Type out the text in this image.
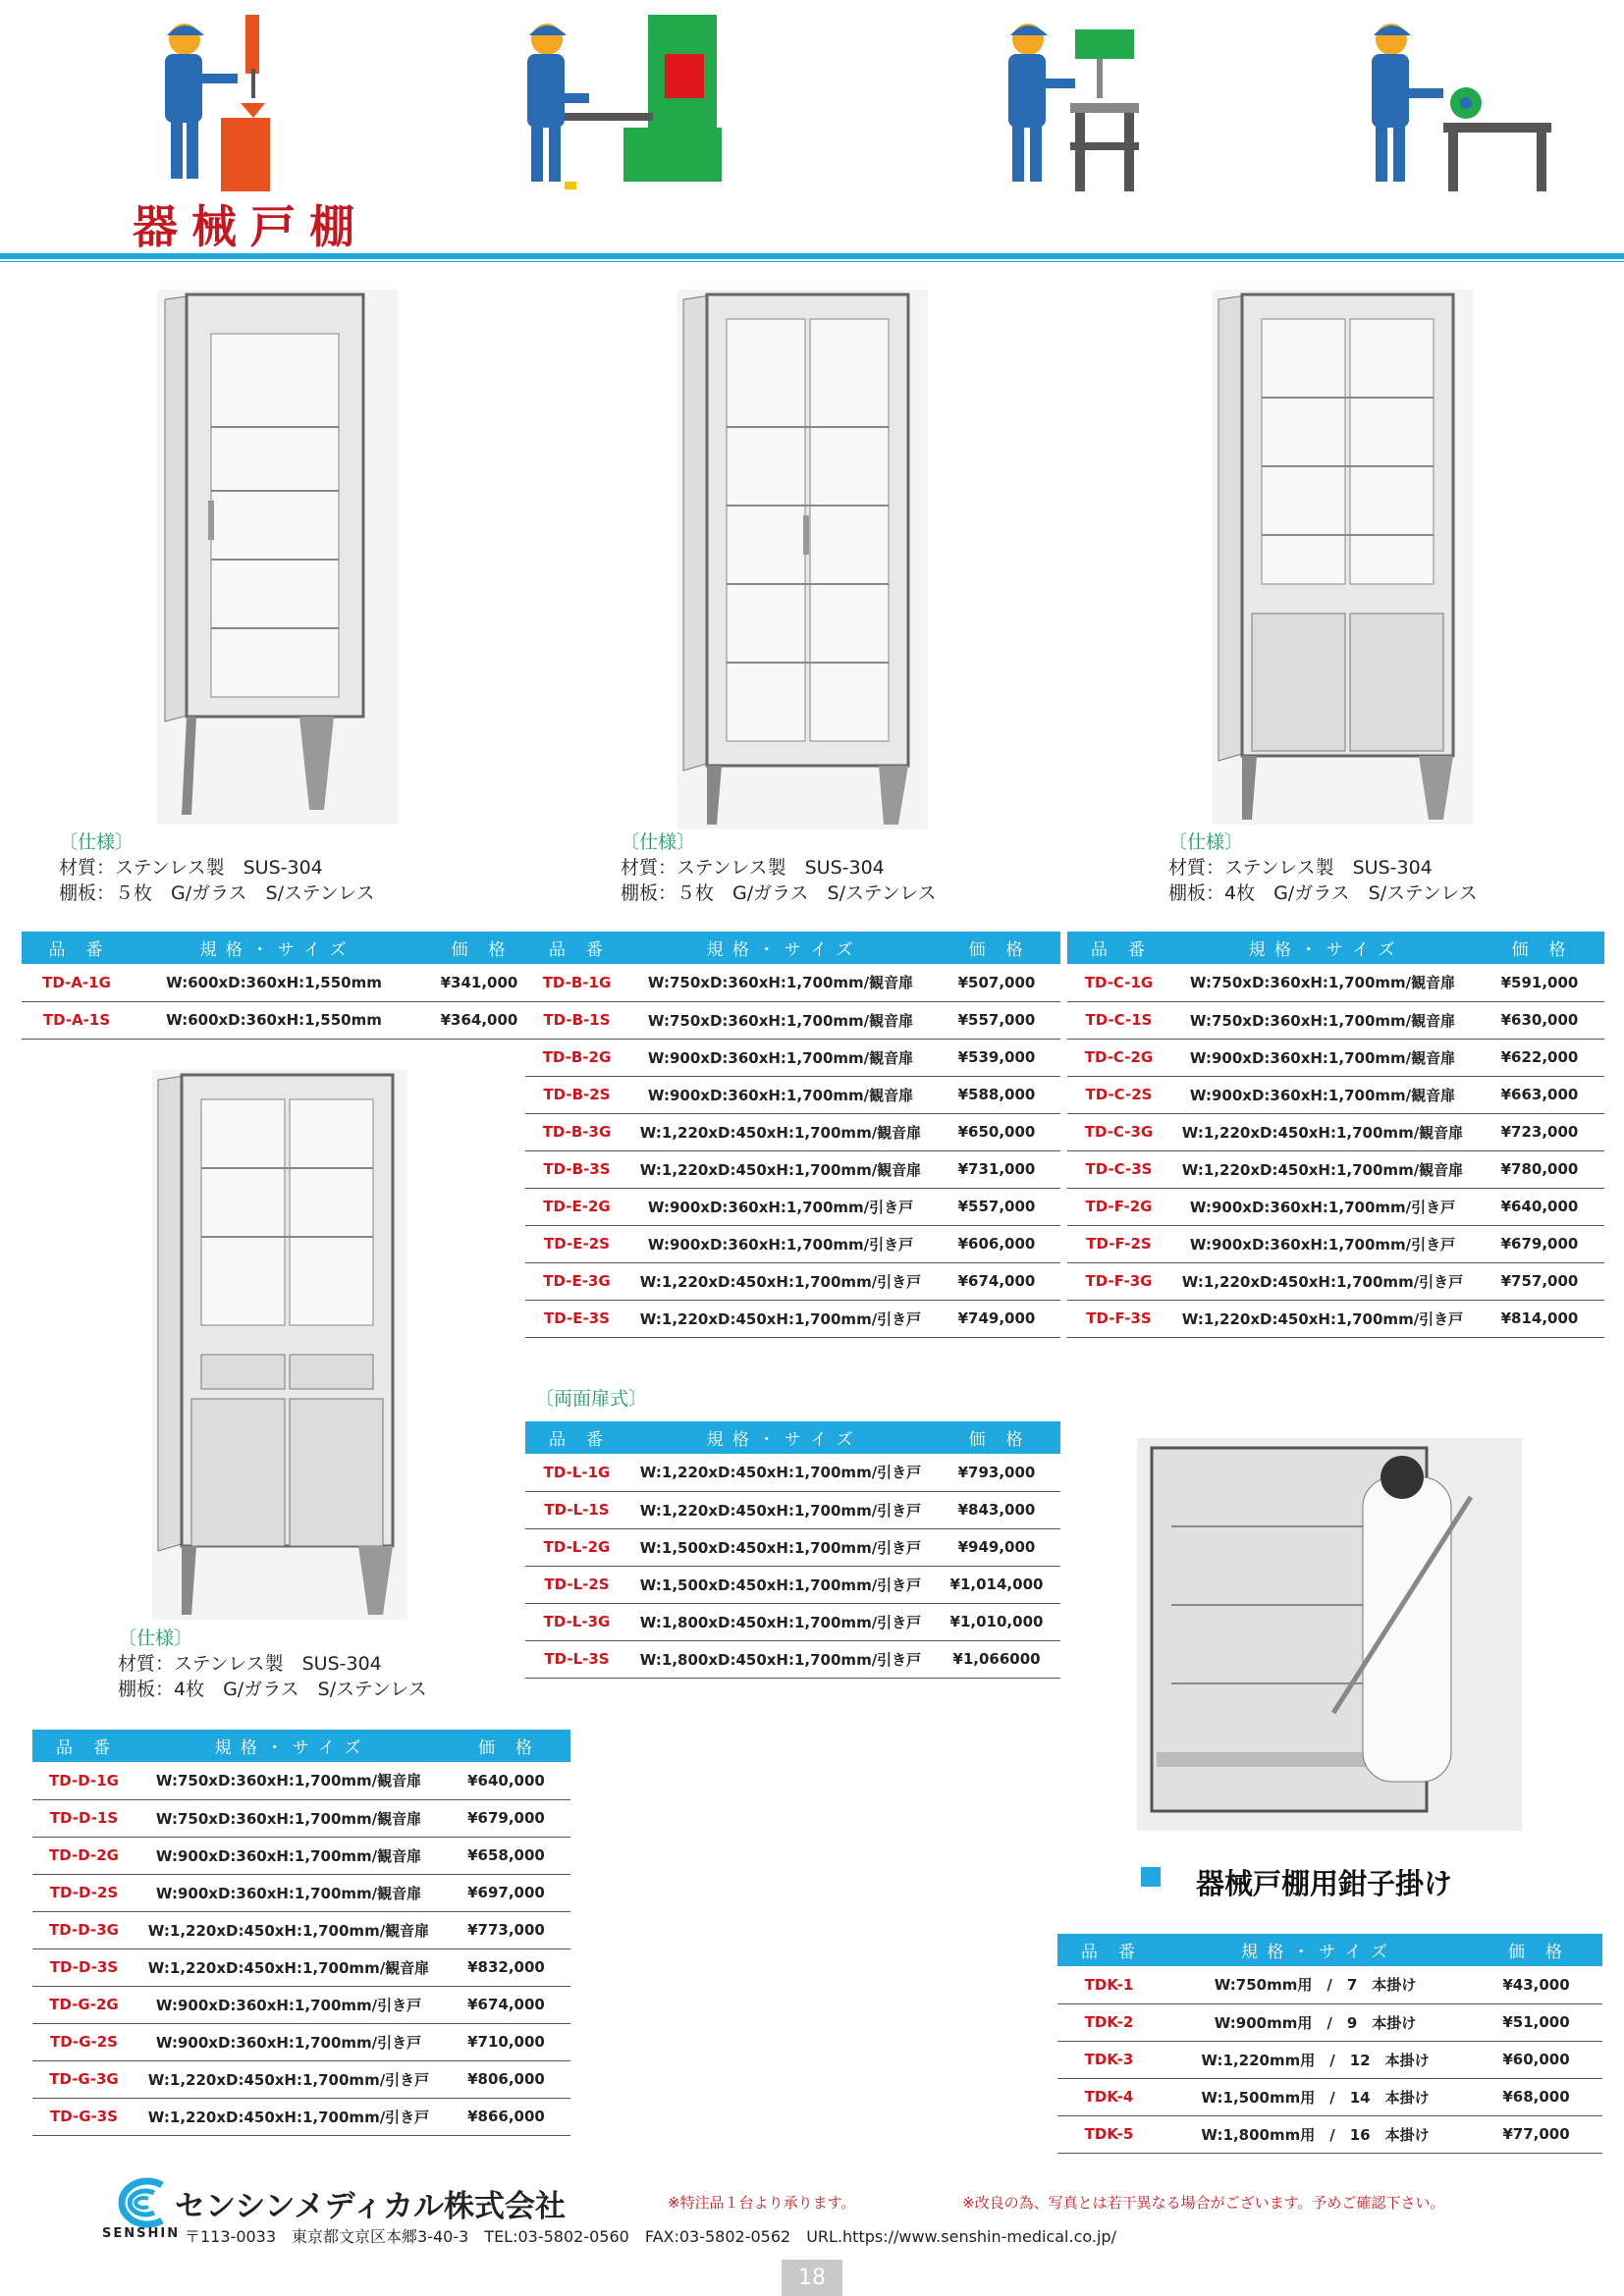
器械戸棚
〔仕様〕
材質：ステンレス製　SUS-304
棚板：５枚　G/ガラス　S/ステンレス
〔仕様〕
材質：ステンレス製　SUS-304
棚板：５枚　G/ガラス　S/ステンレス
〔仕様〕
材質：ステンレス製　SUS-304
棚板：4枚　G/ガラス　S/ステンレス
〔仕様〕
材質：ステンレス製　SUS-304
棚板：4枚　G/ガラス　S/ステンレス
品　番	規 格 ・ サ イ ズ	価　格
TD-A-1G	W:600xD:360xH:1,550mm	¥341,000
TD-A-1S	W:600xD:360xH:1,550mm	¥364,000
品　番	規 格 ・ サ イ ズ	価　格
TD-B-1G	W:750xD:360xH:1,700mm/観音扉	¥507,000
TD-B-1S	W:750xD:360xH:1,700mm/観音扉	¥557,000
TD-B-2G	W:900xD:360xH:1,700mm/観音扉	¥539,000
TD-B-2S	W:900xD:360xH:1,700mm/観音扉	¥588,000
TD-B-3G	W:1,220xD:450xH:1,700mm/観音扉	¥650,000
TD-B-3S	W:1,220xD:450xH:1,700mm/観音扉	¥731,000
TD-E-2G	W:900xD:360xH:1,700mm/引き戸	¥557,000
TD-E-2S	W:900xD:360xH:1,700mm/引き戸	¥606,000
TD-E-3G	W:1,220xD:450xH:1,700mm/引き戸	¥674,000
TD-E-3S	W:1,220xD:450xH:1,700mm/引き戸	¥749,000
品　番	規 格 ・ サ イ ズ	価　格
TD-C-1G	W:750xD:360xH:1,700mm/観音扉	¥591,000
TD-C-1S	W:750xD:360xH:1,700mm/観音扉	¥630,000
TD-C-2G	W:900xD:360xH:1,700mm/観音扉	¥622,000
TD-C-2S	W:900xD:360xH:1,700mm/観音扉	¥663,000
TD-C-3G	W:1,220xD:450xH:1,700mm/観音扉	¥723,000
TD-C-3S	W:1,220xD:450xH:1,700mm/観音扉	¥780,000
TD-F-2G	W:900xD:360xH:1,700mm/引き戸	¥640,000
TD-F-2S	W:900xD:360xH:1,700mm/引き戸	¥679,000
TD-F-3G	W:1,220xD:450xH:1,700mm/引き戸	¥757,000
TD-F-3S	W:1,220xD:450xH:1,700mm/引き戸	¥814,000
〔両面扉式〕
品　番	規 格 ・ サ イ ズ	価　格
TD-L-1G	W:1,220xD:450xH:1,700mm/引き戸	¥793,000
TD-L-1S	W:1,220xD:450xH:1,700mm/引き戸	¥843,000
TD-L-2G	W:1,500xD:450xH:1,700mm/引き戸	¥949,000
TD-L-2S	W:1,500xD:450xH:1,700mm/引き戸	¥1,014,000
TD-L-3G	W:1,800xD:450xH:1,700mm/引き戸	¥1,010,000
TD-L-3S	W:1,800xD:450xH:1,700mm/引き戸	¥1,066000
品　番	規 格 ・ サ イ ズ	価　格
TD-D-1G	W:750xD:360xH:1,700mm/観音扉	¥640,000
TD-D-1S	W:750xD:360xH:1,700mm/観音扉	¥679,000
TD-D-2G	W:900xD:360xH:1,700mm/観音扉	¥658,000
TD-D-2S	W:900xD:360xH:1,700mm/観音扉	¥697,000
TD-D-3G	W:1,220xD:450xH:1,700mm/観音扉	¥773,000
TD-D-3S	W:1,220xD:450xH:1,700mm/観音扉	¥832,000
TD-G-2G	W:900xD:360xH:1,700mm/引き戸	¥674,000
TD-G-2S	W:900xD:360xH:1,700mm/引き戸	¥710,000
TD-G-3G	W:1,220xD:450xH:1,700mm/引き戸	¥806,000
TD-G-3S	W:1,220xD:450xH:1,700mm/引き戸	¥866,000
器械戸棚用鉗子掛け
品　番	規 格 ・ サ イ ズ	価　格
TDK-1	W:750mm用　/　7　本掛け	¥43,000
TDK-2	W:900mm用　/　9　本掛け	¥51,000
TDK-3	W:1,220mm用　/　12　本掛け	¥60,000
TDK-4	W:1,500mm用　/　14　本掛け	¥68,000
TDK-5	W:1,800mm用　/　16　本掛け	¥77,000
センシンメディカル株式会社
SENSHIN
※特注品１台より承ります。	※改良の為、写真とは若干異なる場合がございます。予めご確認下さい。
〒113-0033　東京都文京区本郷3-40-3　TEL:03-5802-0560　FAX:03-5802-0562　URL.https://www.senshin-medical.co.jp/
18
